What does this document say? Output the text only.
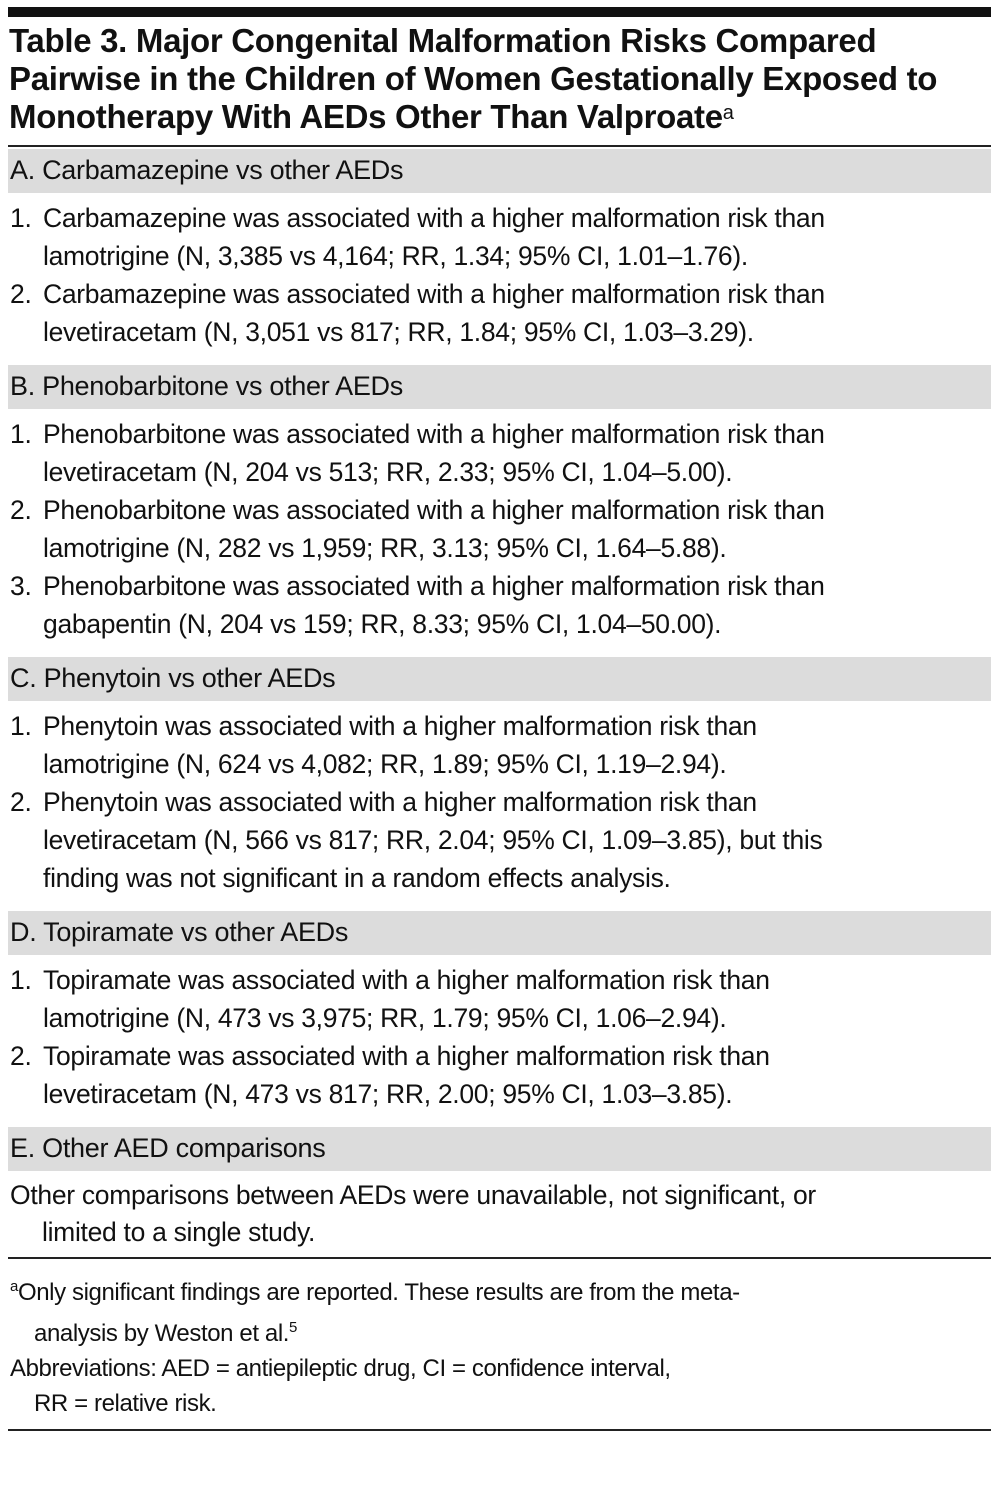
Table 3. Major Congenital Malformation Risks Compared
Pairwise in the Children of Women Gestationally Exposed to
Monotherapy With AEDs Other Than Valproate$^a$
A. Carbamazepine vs other AEDs
1. Carbamazepine was associated with a higher malformation risk than
lamotrigine (N, 3,385 vs 4,164; RR, 1.34; 95% CI, 1.01–1.76).
2. Carbamazepine was associated with a higher malformation risk than
levetiracetam (N, 3,051 vs 817; RR, 1.84; 95% CI, 1.03–3.29).
B. Phenobarbitone vs other AEDs
1. Phenobarbitone was associated with a higher malformation risk than
levetiracetam (N, 204 vs 513; RR, 2.33; 95% CI, 1.04–5.00).
2. Phenobarbitone was associated with a higher malformation risk than
lamotrigine (N, 282 vs 1,959; RR, 3.13; 95% CI, 1.64–5.88).
3. Phenobarbitone was associated with a higher malformation risk than
gabapentin (N, 204 vs 159; RR, 8.33; 95% CI, 1.04–50.00).
C. Phenytoin vs other AEDs
1. Phenytoin was associated with a higher malformation risk than
lamotrigine (N, 624 vs 4,082; RR, 1.89; 95% CI, 1.19–2.94).
2. Phenytoin was associated with a higher malformation risk than
levetiracetam (N, 566 vs 817; RR, 2.04; 95% CI, 1.09–3.85), but this
finding was not significant in a random effects analysis.
D. Topiramate vs other AEDs
1. Topiramate was associated with a higher malformation risk than
lamotrigine (N, 473 vs 3,975; RR, 1.79; 95% CI, 1.06–2.94).
2. Topiramate was associated with a higher malformation risk than
levetiracetam (N, 473 vs 817; RR, 2.00; 95% CI, 1.03–3.85).
E. Other AED comparisons
Other comparisons between AEDs were unavailable, not significant, or
limited to a single study.
$^a$Only significant findings are reported. These results are from the meta-
analysis by Weston et al.$^5$
Abbreviations: AED = antiepileptic drug, CI = confidence interval,
RR = relative risk.
